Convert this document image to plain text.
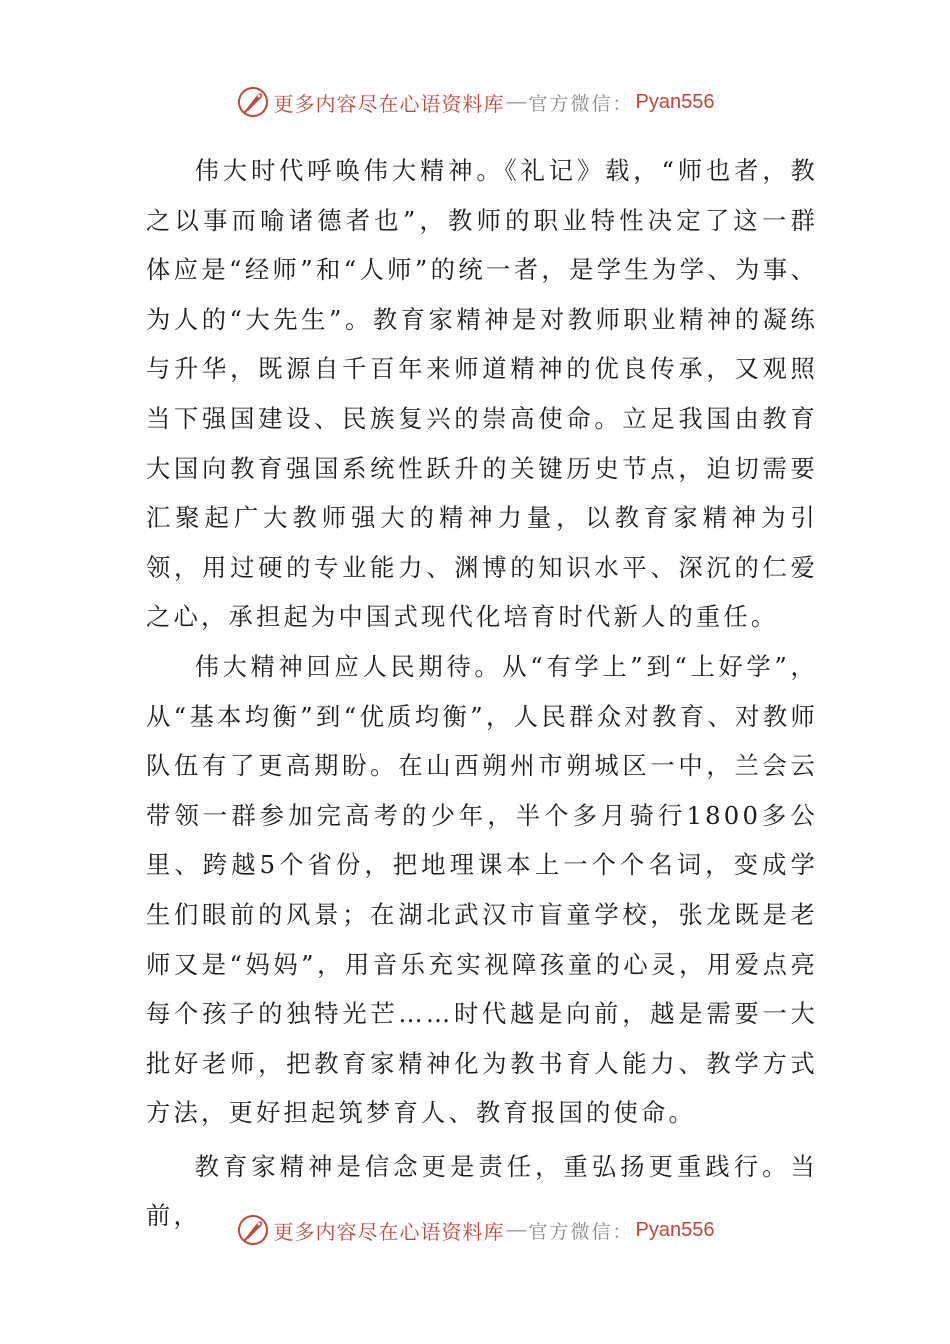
更多内容尽在心语资料库 — 官方微信： Pyan556

伟大时代呼唤伟大精神。《礼记》载，“师也者，教之以事而喻诸德者也”，教师的职业特性决定了这一群体应是“经师”和“人师”的统一者，是学生为学、为事、为人的“大先生”。教育家精神是对教师职业精神的凝练与升华，既源自千百年来师道精神的优良传承，又观照当下强国建设、民族复兴的崇高使命。立足我国由教育大国向教育强国系统性跃升的关键历史节点，迫切需要汇聚起广大教师强大的精神力量，以教育家精神为引领，用过硬的专业能力、渊博的知识水平、深沉的仁爱之心，承担起为中国式现代化培育时代新人的重任。

伟大精神回应人民期待。从“有学上”到“上好学”，从“基本均衡”到“优质均衡”，人民群众对教育、对教师队伍有了更高期盼。在山西朔州市朔城区一中，兰会云带领一群参加完高考的少年，半个多月骑行1800多公里、跨越5个省份，把地理课本上一个个名词，变成学生们眼前的风景；在湖北武汉市盲童学校，张龙既是老师又是“妈妈”，用音乐充实视障孩童的心灵，用爱点亮每个孩子的独特光芒……时代越是向前，越是需要一大批好老师，把教育家精神化为教书育人能力、教学方式方法，更好担起筑梦育人、教育报国的使命。

教育家精神是信念更是责任，重弘扬更重践行。当前，

更多内容尽在心语资料库 — 官方微信： Pyan556
